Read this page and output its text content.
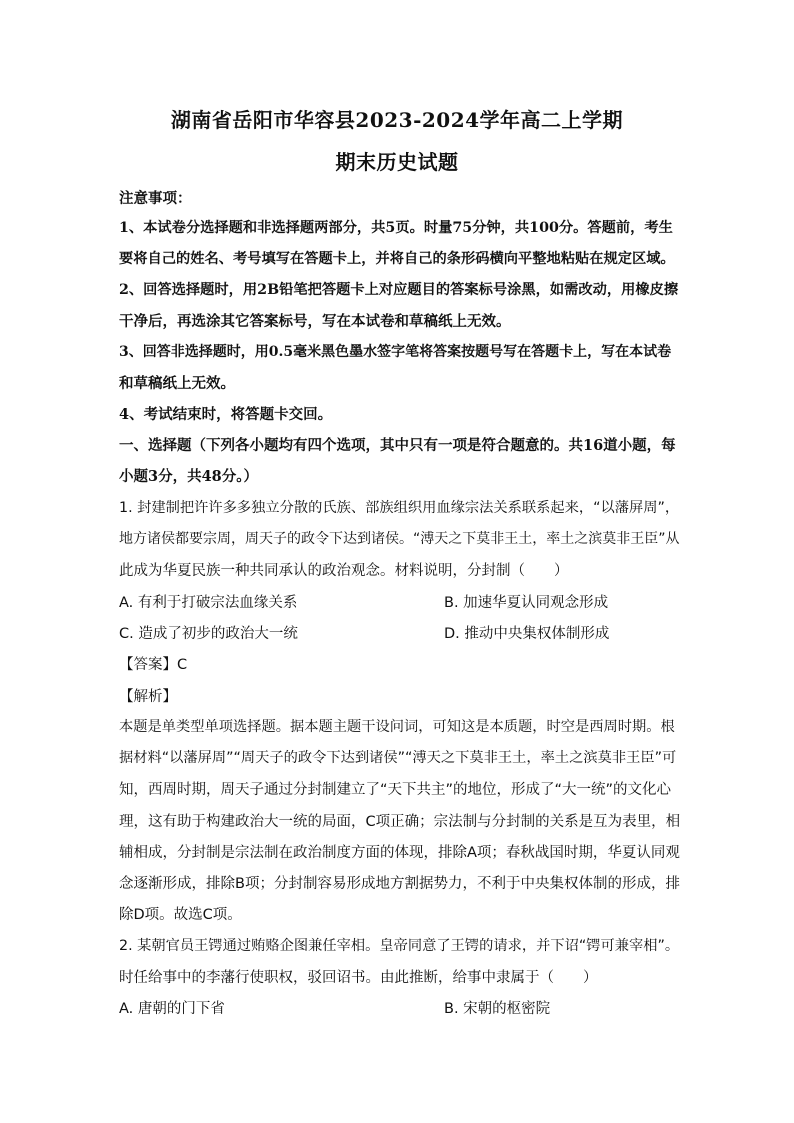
湖南省岳阳市华容县2023-2024学年高二上学期
期末历史试题
注意事项：
1、本试卷分选择题和非选择题两部分，共5页。时量75分钟，共100分。答题前，考生
要将自己的姓名、考号填写在答题卡上，并将自己的条形码横向平整地粘贴在规定区域。
2、回答选择题时，用2B铅笔把答题卡上对应题目的答案标号涂黑，如需改动，用橡皮擦
干净后，再选涂其它答案标号，写在本试卷和草稿纸上无效。
3、回答非选择题时，用0.5毫米黑色墨水签字笔将答案按题号写在答题卡上，写在本试卷
和草稿纸上无效。
4、考试结束时，将答题卡交回。
一、选择题（下列各小题均有四个选项，其中只有一项是符合题意的。共16道小题，每
小题3分，共48分。）
1. 封建制把许许多多独立分散的氏族、部族组织用血缘宗法关系联系起来，“以藩屏周”，
地方诸侯都要宗周，周天子的政令下达到诸侯。“溥天之下莫非王土，率土之滨莫非王臣”从
此成为华夏民族一种共同承认的政治观念。材料说明，分封制（　　）
A. 有利于打破宗法血缘关系	B. 加速华夏认同观念形成
C. 造成了初步的政治大一统	D. 推动中央集权体制形成
【答案】C
【解析】
本题是单类型单项选择题。据本题主题干设问词，可知这是本质题，时空是西周时期。根
据材料“以藩屏周”“周天子的政令下达到诸侯”“溥天之下莫非王土，率土之滨莫非王臣”可
知，西周时期，周天子通过分封制建立了“天下共主”的地位，形成了“大一统”的文化心
理，这有助于构建政治大一统的局面，C项正确；宗法制与分封制的关系是互为表里，相
辅相成，分封制是宗法制在政治制度方面的体现，排除A项；春秋战国时期，华夏认同观
念逐渐形成，排除B项；分封制容易形成地方割据势力，不利于中央集权体制的形成，排
除D项。故选C项。
2. 某朝官员王锷通过贿赂企图兼任宰相。皇帝同意了王锷的请求，并下诏“锷可兼宰相”。
时任给事中的李藩行使职权，驳回诏书。由此推断，给事中隶属于（　　）
A. 唐朝的门下省	B. 宋朝的枢密院
